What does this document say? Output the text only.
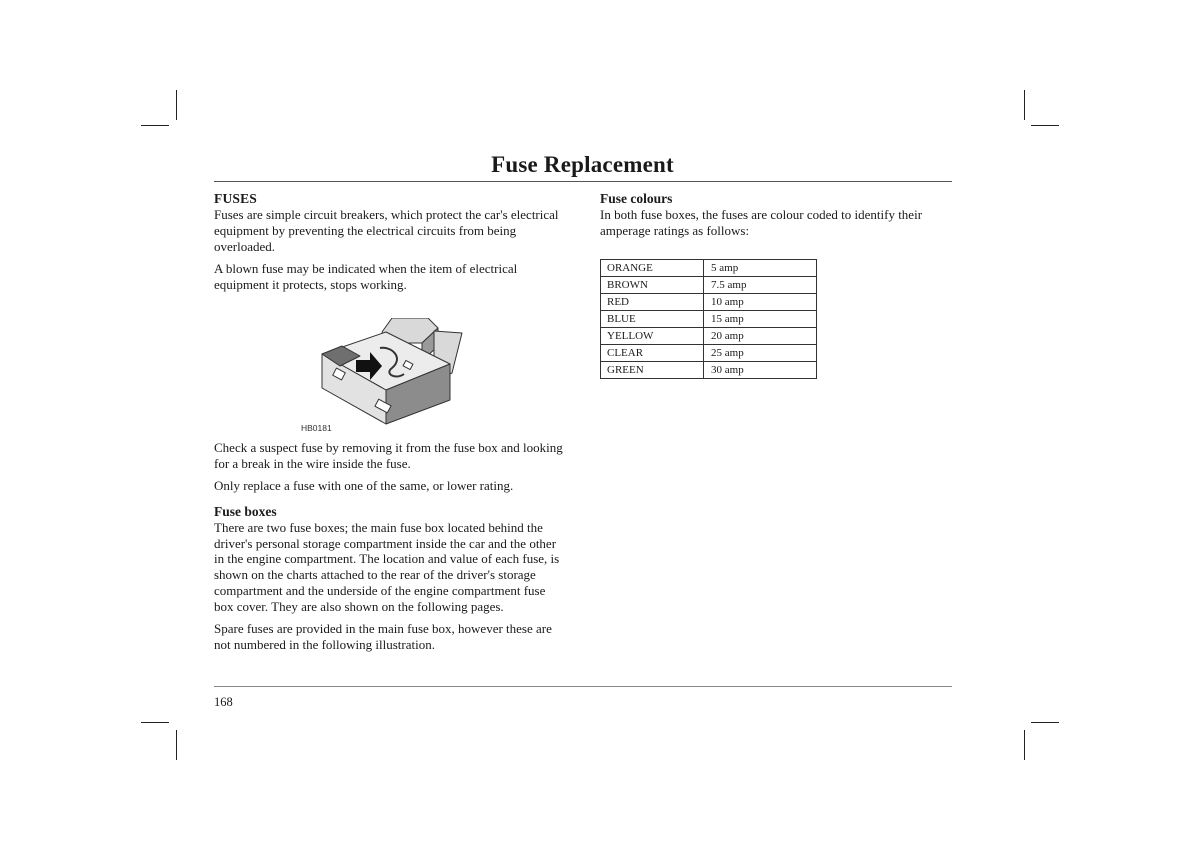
Fuse Replacement
FUSES

Fuses are simple circuit breakers, which protect the car's electrical equipment by preventing the electrical circuits from being overloaded.

A blown fuse may be indicated when the item of electrical equipment it protects, stops working.

HB0181

Check a suspect fuse by removing it from the fuse box and looking for a break in the wire inside the fuse.

Only replace a fuse with one of the same, or lower rating.

Fuse boxes

There are two fuse boxes; the main fuse box located behind the driver's personal storage compartment inside the car and the other in the engine compartment. The location and value of each fuse, is shown on the charts attached to the rear of the driver's storage compartment and the underside of the engine compartment fuse box cover. They are also shown on the following pages.

Spare fuses are provided in the main fuse box, however these are not numbered in the following illustration.

Fuse colours

In both fuse boxes, the fuses are colour coded to identify their amperage ratings as follows:

ORANGE	5 amp
BROWN	7.5 amp
RED	10 amp
BLUE	15 amp
YELLOW	20 amp
CLEAR	25 amp
GREEN	30 amp
168
